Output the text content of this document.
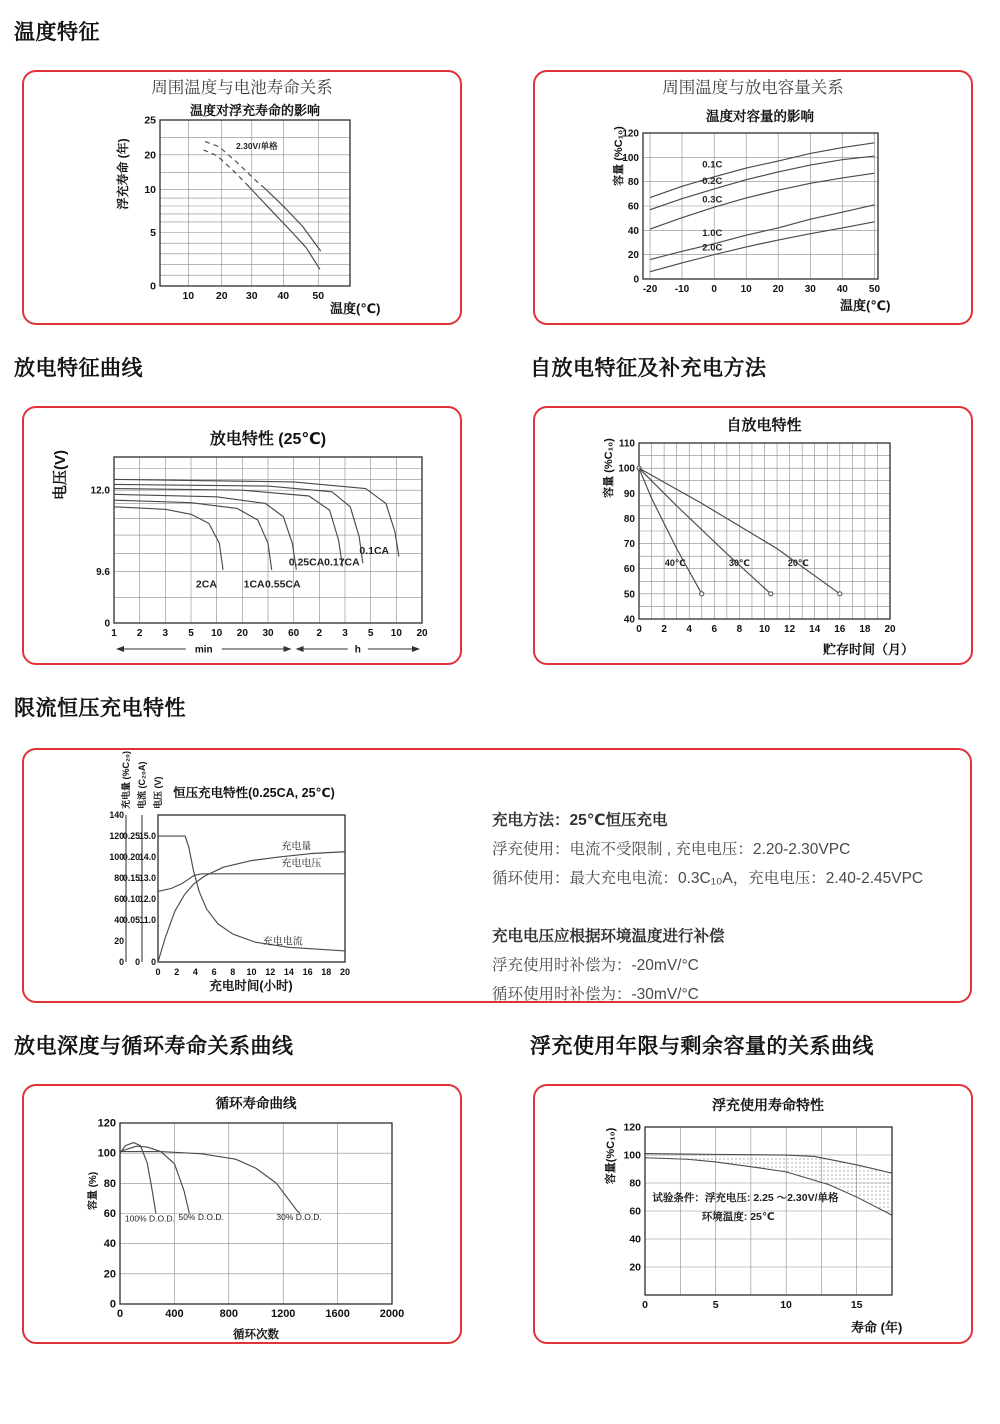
温度特征
10 20 30 40 50
25
20
10
5
0
2.30V/单格
周围温度与电池寿命关系
温度对浮充寿命的影响
温度(℃)
浮充寿命 (年)
-20 -10 0 10 20 30 40 50
120
100
80
60
40
20
0
0.1C
0.2C
0.3C
1.0C
2.0C
周围温度与放电容量关系
温度对容量的影响
温度(℃)
容量 (%C₁₀)
放电特征曲线	自放电特征及补充电方法
1 2 3 5 10 20 30 60 2 3 5 10 20
12.0
9.6
0
2CA	1CA 0.55CA
0.25CA 0.17CA
0.1CA
min	h
放电特性 (25℃)
电压(V)
0 2 4 6 8 10 12 14 16 18 20
110
100
90
80
70
60
50
40
40℃	30℃	20℃
自放电特性
贮存时间（月）
容量 (%C₁₀)
限流恒压充电特性
0 2 4 6 8 10 12 14 16 18 20
15.0
14.0
13.0
12.0
11.0
0
电压 (V)
0.25
0.20
0.15
0.10
0.05
0
电流 (C₂₀A)
140
120
100
80
60
40
20
0
充电量 (%C₂₀)
充电量
充电电压
充电电流
恒压充电特性(0.25CA, 25℃)
充电时间(小时)
充电方法：25℃恒压充电
浮充使用：电流不受限制 , 充电电压：2.20-2.30VPC
循环使用：最大充电电流：0.3C₁₀A，充电电压：2.40-2.45VPC
充电电压应根据环境温度进行补偿
浮充使用时补偿为：-20mV/°C
循环使用时补偿为：-30mV/°C
放电深度与循环寿命关系曲线	浮充使用年限与剩余容量的关系曲线
0	400	800	1200	1600	2000
120
100
80
60
40
20
0
100% D.O.D. 50% D.O.D.	30% D.O.D.
循环寿命曲线
循环次数
容量 (%)
0	5	10	15
120
100
80
60
40
20
试验条件：浮充电压: 2.25 ～2.30V/单格
环境温度: 25℃
浮充使用寿命特性
寿命 (年)
容量(%C₁₀)
